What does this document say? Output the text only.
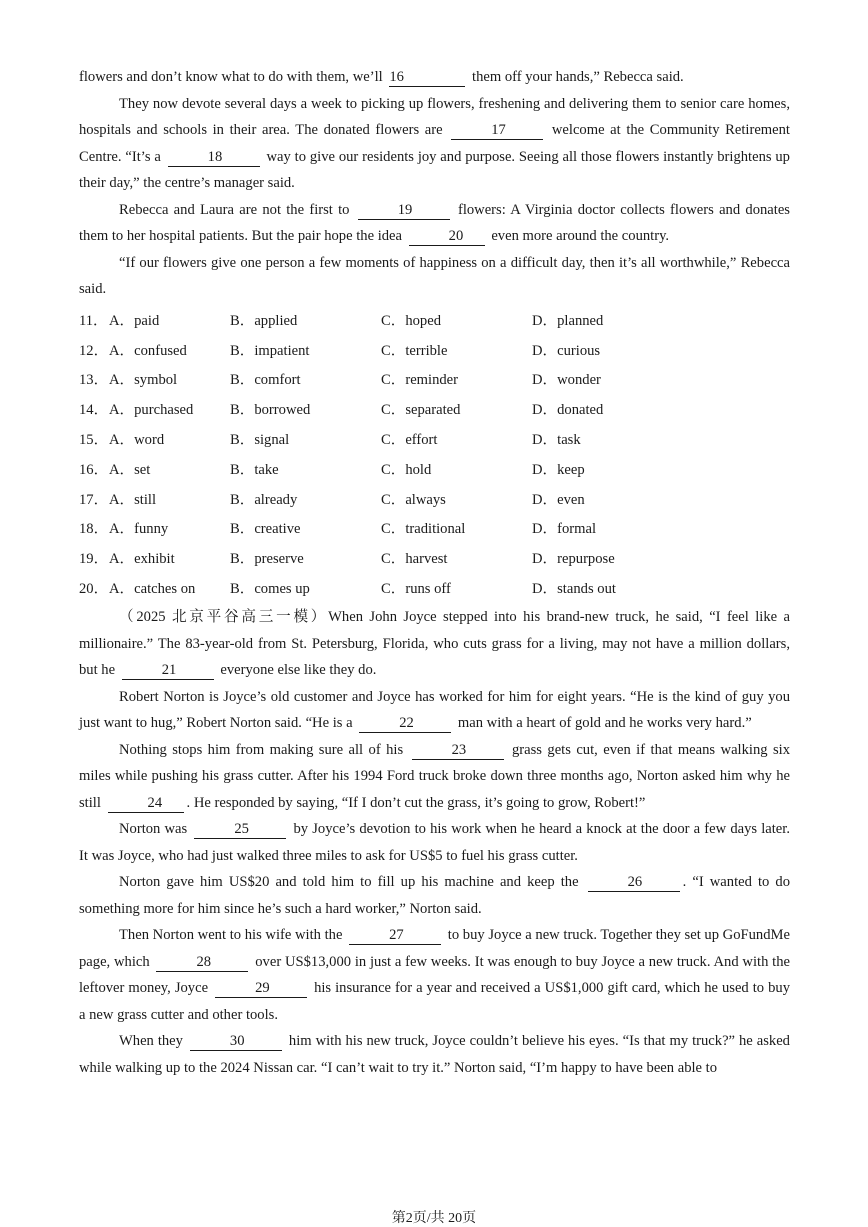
flowers and don’t know what to do with them, we’ll 16	them off your hands,” Rebecca said.

They now devote several days a week to picking up flowers, freshening and delivering them to senior care homes, hospitals and schools in their area. The donated flowers are	17	welcome at the Community Retirement Centre. “It’s a	18	way to give our residents joy and purpose. Seeing all those flowers instantly brightens up their day,” the centre’s manager said.

Rebecca and Laura are not the first to	19	flowers: A Virginia doctor collects flowers and donates them to her hospital patients. But the pair hope the idea	20 even more around the country.

“If our flowers give one person a few moments of happiness on a difficult day, then it’s all worthwhile,” Rebecca said.

11．	A．paid	B．applied	C．hoped	D．planned
12．	A．confused	B．impatient	C．terrible	D．curious
13．	A．symbol	B．comfort	C．reminder	D．wonder
14．	A．purchased	B．borrowed	C．separated	D．donated
15．	A．word	B．signal	C．effort	D．task
16．	A．set	B．take	C．hold	D．keep
17．	A．still	B．already	C．always	D．even
18．	A．funny	B．creative	C．traditional	D．formal
19．	A．exhibit	B．preserve	C．harvest	D．repurpose
20．	A．catches on	B．comes up	C．runs off	D．stands out

（2025 北京平谷高三一模）When John Joyce stepped into his brand-new truck, he said, “I feel like a millionaire.” The 83-year-old from St. Petersburg, Florida, who cuts grass for a living, may not have a million dollars, but he	21	everyone else like they do.

Robert Norton is Joyce’s old customer and Joyce has worked for him for eight years. “He is the kind of guy you just want to hug,” Robert Norton said. “He is a	22	man with a heart of gold and he works very hard.”

Nothing stops him from making sure all of his	23	grass gets cut, even if that means walking six miles while pushing his grass cutter. After his 1994 Ford truck broke down three months ago, Norton asked him why he still	24 . He responded by saying, “If I don’t cut the grass, it’s going to grow, Robert!”

Norton was	25	by Joyce’s devotion to his work when he heard a knock at the door a few days later. It was Joyce, who had just walked three miles to ask for US$5 to fuel his grass cutter.

Norton gave him US$20 and told him to fill up his machine and keep the	26	. “I wanted to do something more for him since he’s such a hard worker,” Norton said.

Then Norton went to his wife with the	27	to buy Joyce a new truck. Together they set up GoFundMe page, which	28	over US$13,000 in just a few weeks. It was enough to buy Joyce a new truck. And with the leftover money, Joyce	29	his insurance for a year and received a US$1,000 gift card, which he used to buy a new grass cutter and other tools.

When they	30	him with his new truck, Joyce couldn’t believe his eyes. “Is that my truck?” he asked while walking up to the 2024 Nissan car. “I can’t wait to try it.” Norton said, “I’m happy to have been able to

第2页/共 20页
